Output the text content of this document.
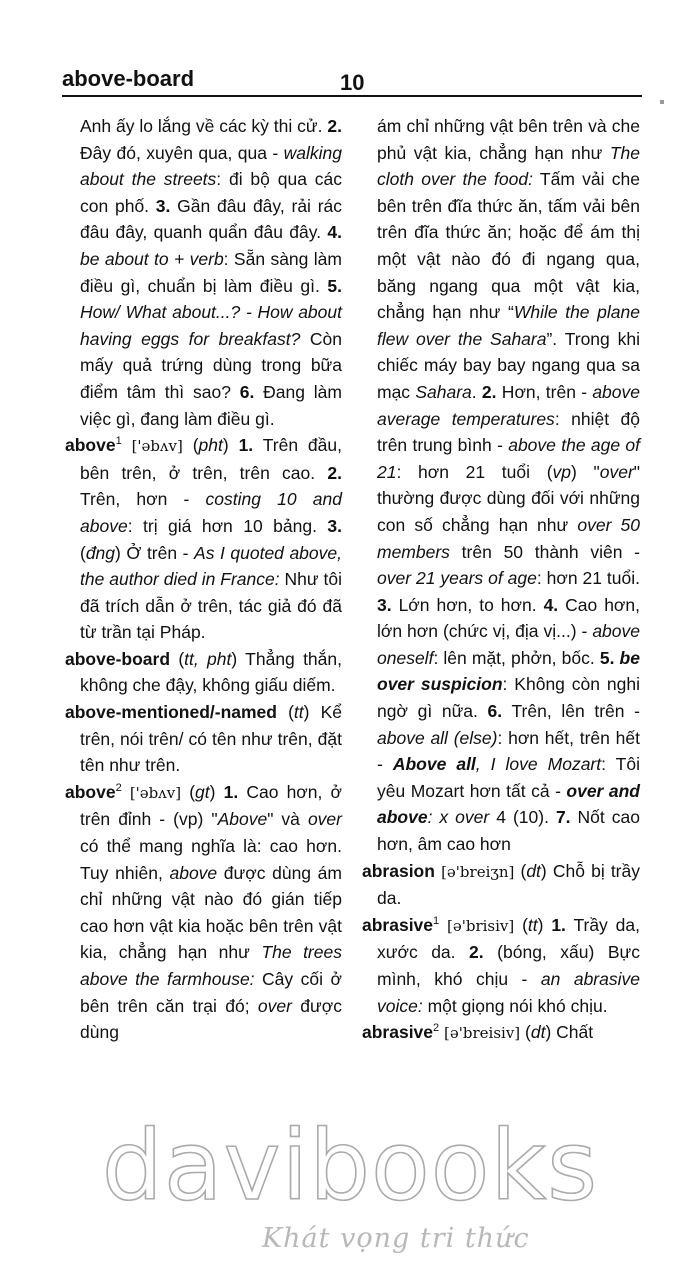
above-board	10
Anh ấy lo lắng về các kỳ thi cử. 2. Đây đó, xuyên qua, qua - walking about the streets: đi bộ qua các con phố. 3. Gần đâu đây, rải rác đâu đây, quanh quẩn đâu đây. 4. be about to + verb: Sẵn sàng làm điều gì, chuẩn bị làm điều gì. 5. How/ What about...? - How about having eggs for breakfast? Còn mấy quả trứng dùng trong bữa điểm tâm thì sao? 6. Đang làm việc gì, đang làm điều gì.
above$^1$ ['əbʌv] (pht) 1. Trên đầu, bên trên, ở trên, trên cao. 2. Trên, hơn - costing 10 and above: trị giá hơn 10 bảng. 3. (đng) Ở trên - As I quoted above, the author died in France: Như tôi đã trích dẫn ở trên, tác giả đó đã từ trần tại Pháp.
above-board (tt, pht) Thẳng thắn, không che đậy, không giấu diếm.
above-mentioned/-named (tt) Kể trên, nói trên/ có tên như trên, đặt tên như trên.
above$^2$ ['əbʌv] (gt) 1. Cao hơn, ở trên đỉnh - (vp) "Above" và over có thể mang nghĩa là: cao hơn. Tuy nhiên, above được dùng ám chỉ những vật nào đó gián tiếp cao hơn vật kia hoặc bên trên vật kia, chẳng hạn như The trees above the farmhouse: Cây cối ở bên trên căn trại đó; over được dùng
ám chỉ những vật bên trên và che phủ vật kia, chẳng hạn như The cloth over the food: Tấm vải che bên trên đĩa thức ăn, tấm vải bên trên đĩa thức ăn; hoặc để ám thị một vật nào đó đi ngang qua, băng ngang qua một vật kia, chẳng hạn như “While the plane flew over the Sahara”. Trong khi chiếc máy bay bay ngang qua sa mạc Sahara. 2. Hơn, trên - above average temperatures: nhiệt độ trên trung bình - above the age of 21: hơn 21 tuổi (vp) "over" thường được dùng đối với những con số chẳng hạn như over 50 members trên 50 thành viên - over 21 years of age: hơn 21 tuổi. 3. Lớn hơn, to hơn. 4. Cao hơn, lớn hơn (chức vị, địa vị...) - above oneself: lên mặt, phởn, bốc. 5. be over suspicion: Không còn nghi ngờ gì nữa. 6. Trên, lên trên - above all (else): hơn hết, trên hết - Above all, I love Mozart: Tôi yêu Mozart hơn tất cả - over and above: x over 4 (10). 7. Nốt cao hơn, âm cao hơn
abrasion [ə'breiʒn] (dt) Chỗ bị trầy da.
abrasive$^1$ [ə'brisiv] (tt) 1. Trầy da, xước da. 2. (bóng, xấu) Bực mình, khó chịu - an abrasive voice: một giọng nói khó chịu.
abrasive$^2$ [ə'breisiv] (dt) Chất
davibooks
Khát vọng tri thức
